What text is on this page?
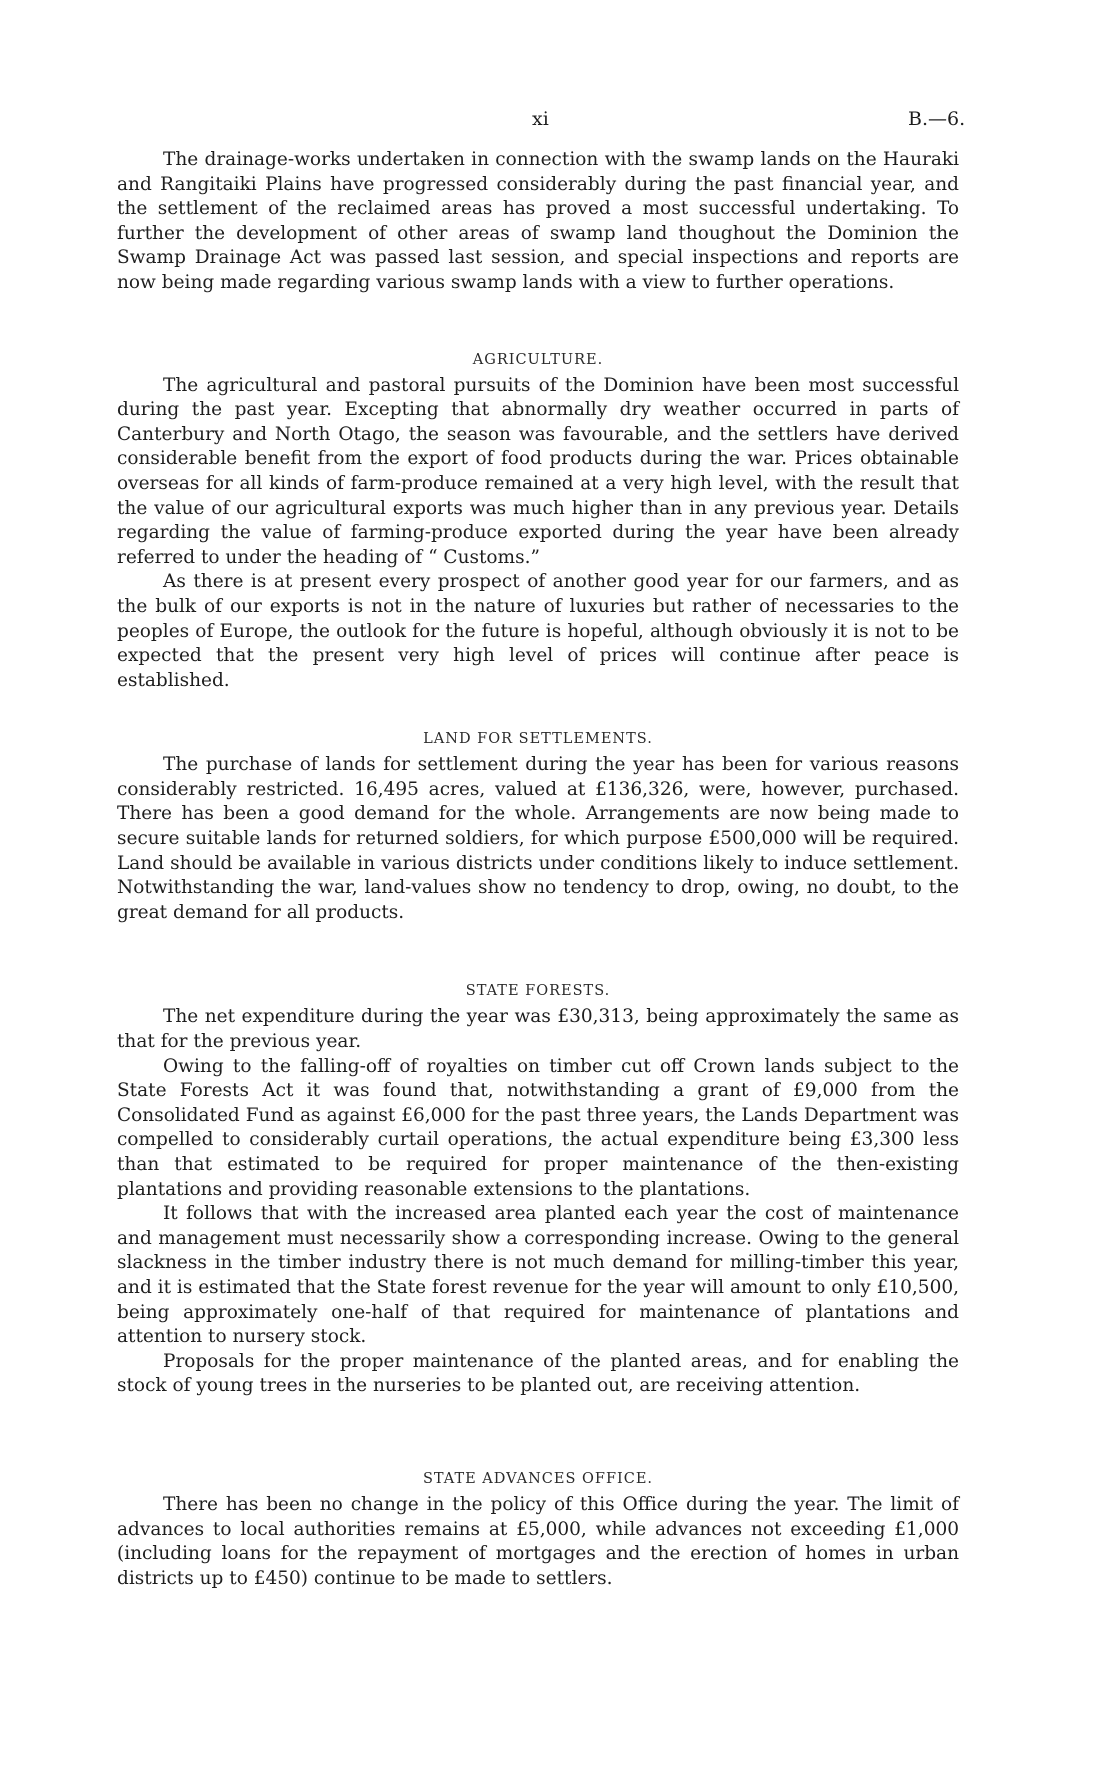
xi	B.—6.

The drainage-works undertaken in connection with the swamp lands on the Hauraki and Rangitaiki Plains have progressed considerably during the past financial year, and the settlement of the reclaimed areas has proved a most successful undertaking. To further the development of other areas of swamp land thoughout the Dominion the Swamp Drainage Act was passed last session, and special inspections and reports are now being made regarding various swamp lands with a view to further operations.

AGRICULTURE.

The agricultural and pastoral pursuits of the Dominion have been most successful during the past year. Excepting that abnormally dry weather occurred in parts of Canterbury and North Otago, the season was favourable, and the settlers have derived considerable benefit from the export of food products during the war. Prices obtainable overseas for all kinds of farm-produce remained at a very high level, with the result that the value of our agricultural exports was much higher than in any previous year. Details regarding the value of farming-produce exported during the year have been already referred to under the heading of “ Customs.”

As there is at present every prospect of another good year for our farmers, and as the bulk of our exports is not in the nature of luxuries but rather of necessaries to the peoples of Europe, the outlook for the future is hopeful, although obviously it is not to be expected that the present very high level of prices will continue after peace is established.

LAND FOR SETTLEMENTS.

The purchase of lands for settlement during the year has been for various reasons considerably restricted. 16,495 acres, valued at £136,326, were, however, purchased. There has been a good demand for the whole. Arrangements are now being made to secure suitable lands for returned soldiers, for which purpose £500,000 will be required. Land should be available in various districts under conditions likely to induce settlement. Notwithstanding the war, land-values show no tendency to drop, owing, no doubt, to the great demand for all products.

STATE FORESTS.

The net expenditure during the year was £30,313, being approximately the same as that for the previous year.

Owing to the falling-off of royalties on timber cut off Crown lands subject to the State Forests Act it was found that, notwithstanding a grant of £9,000 from the Consolidated Fund as against £6,000 for the past three years, the Lands Department was compelled to considerably curtail operations, the actual expenditure being £3,300 less than that estimated to be required for proper maintenance of the then-existing plantations and providing reasonable extensions to the plantations.

It follows that with the increased area planted each year the cost of maintenance and management must necessarily show a corresponding increase. Owing to the general slackness in the timber industry there is not much demand for milling-timber this year, and it is estimated that the State forest revenue for the year will amount to only £10,500, being approximately one-half of that required for maintenance of plantations and attention to nursery stock.

Proposals for the proper maintenance of the planted areas, and for enabling the stock of young trees in the nurseries to be planted out, are receiving attention.

STATE ADVANCES OFFICE.

There has been no change in the policy of this Office during the year. The limit of advances to local authorities remains at £5,000, while advances not exceeding £1,000 (including loans for the repayment of mortgages and the erection of homes in urban districts up to £450) continue to be made to settlers.
